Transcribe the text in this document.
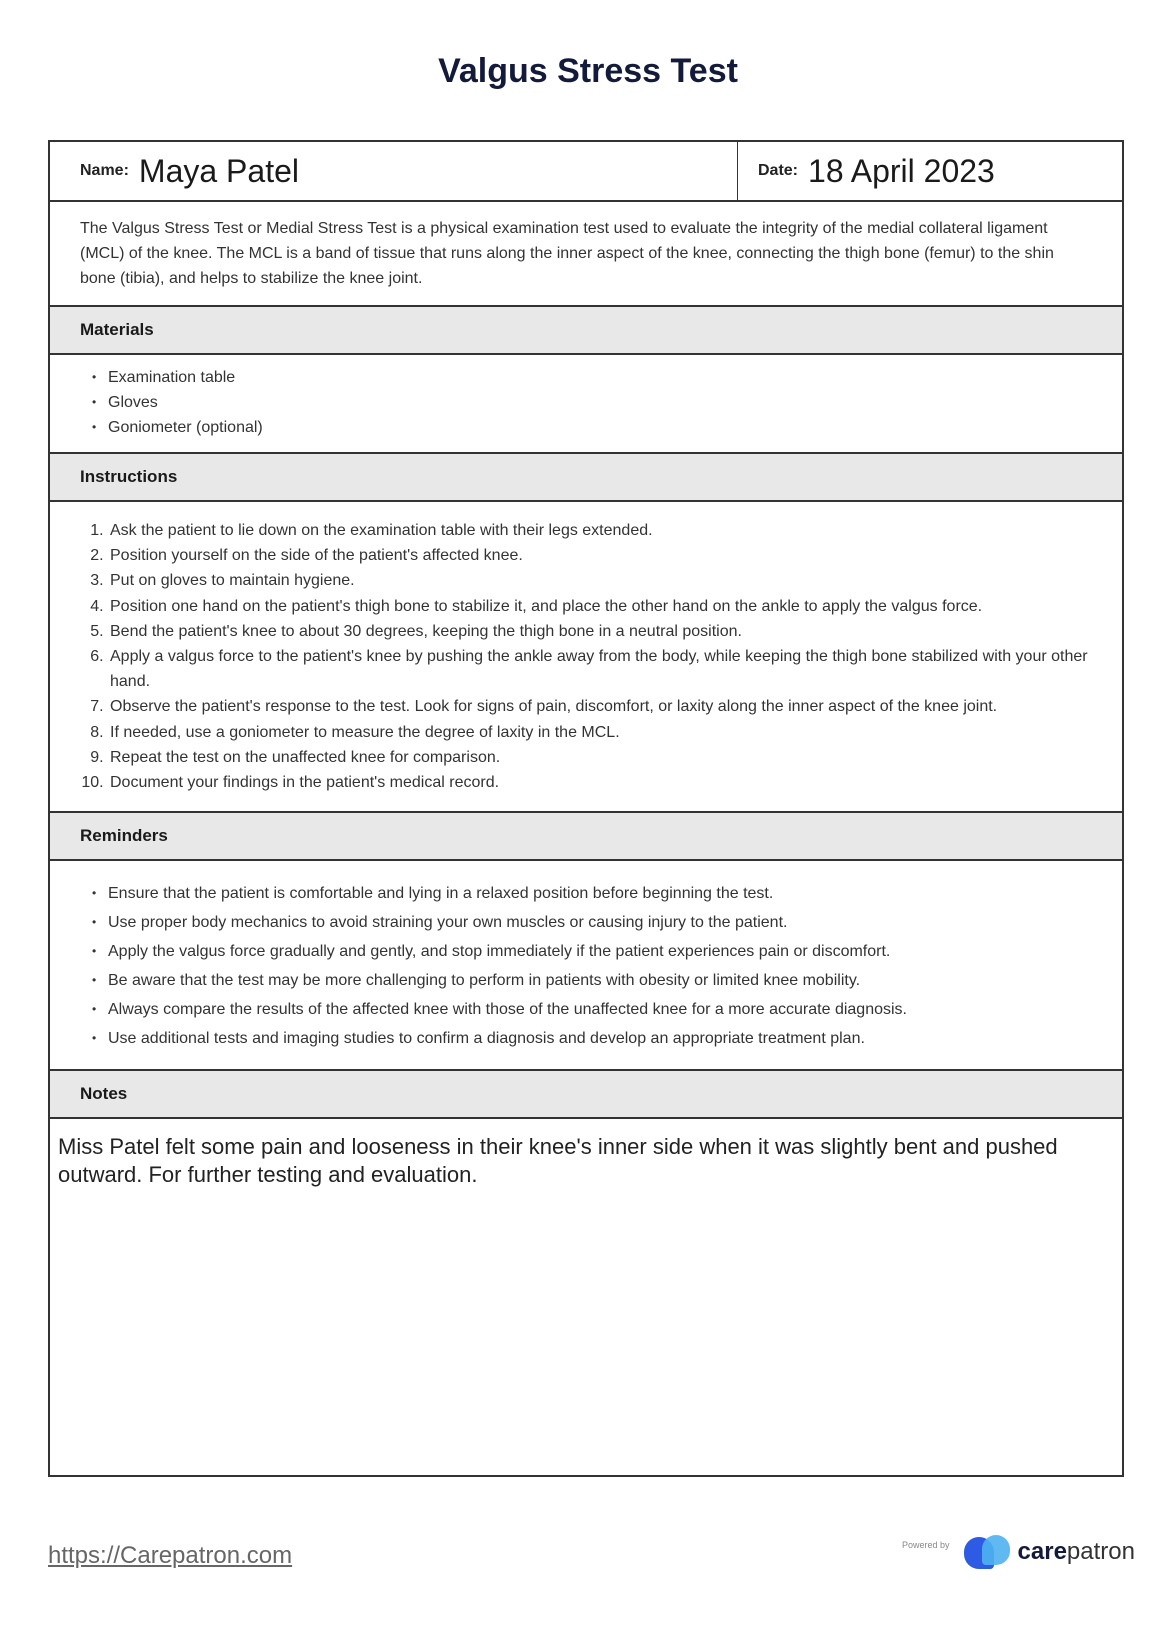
Valgus Stress Test
Name: Maya Patel	Date: 18 April 2023
The Valgus Stress Test or Medial Stress Test is a physical examination test used to evaluate the integrity of the medial collateral ligament (MCL) of the knee. The MCL is a band of tissue that runs along the inner aspect of the knee, connecting the thigh bone (femur) to the shin bone (tibia), and helps to stabilize the knee joint.
Materials
• Examination table
• Gloves
• Goniometer (optional)
Instructions
1. Ask the patient to lie down on the examination table with their legs extended.
2. Position yourself on the side of the patient's affected knee.
3. Put on gloves to maintain hygiene.
4. Position one hand on the patient's thigh bone to stabilize it, and place the other hand on the ankle to apply the valgus force.
5. Bend the patient's knee to about 30 degrees, keeping the thigh bone in a neutral position.
6. Apply a valgus force to the patient's knee by pushing the ankle away from the body, while keeping the thigh bone stabilized with your other hand.
7. Observe the patient's response to the test. Look for signs of pain, discomfort, or laxity along the inner aspect of the knee joint.
8. If needed, use a goniometer to measure the degree of laxity in the MCL.
9. Repeat the test on the unaffected knee for comparison.
10. Document your findings in the patient's medical record.
Reminders
• Ensure that the patient is comfortable and lying in a relaxed position before beginning the test.
• Use proper body mechanics to avoid straining your own muscles or causing injury to the patient.
• Apply the valgus force gradually and gently, and stop immediately if the patient experiences pain or discomfort.
• Be aware that the test may be more challenging to perform in patients with obesity or limited knee mobility.
• Always compare the results of the affected knee with those of the unaffected knee for a more accurate diagnosis.
• Use additional tests and imaging studies to confirm a diagnosis and develop an appropriate treatment plan.
Notes
Miss Patel felt some pain and looseness in their knee's inner side when it was slightly bent and pushed outward. For further testing and evaluation.
https://Carepatron.com	Powered by	carepatron
